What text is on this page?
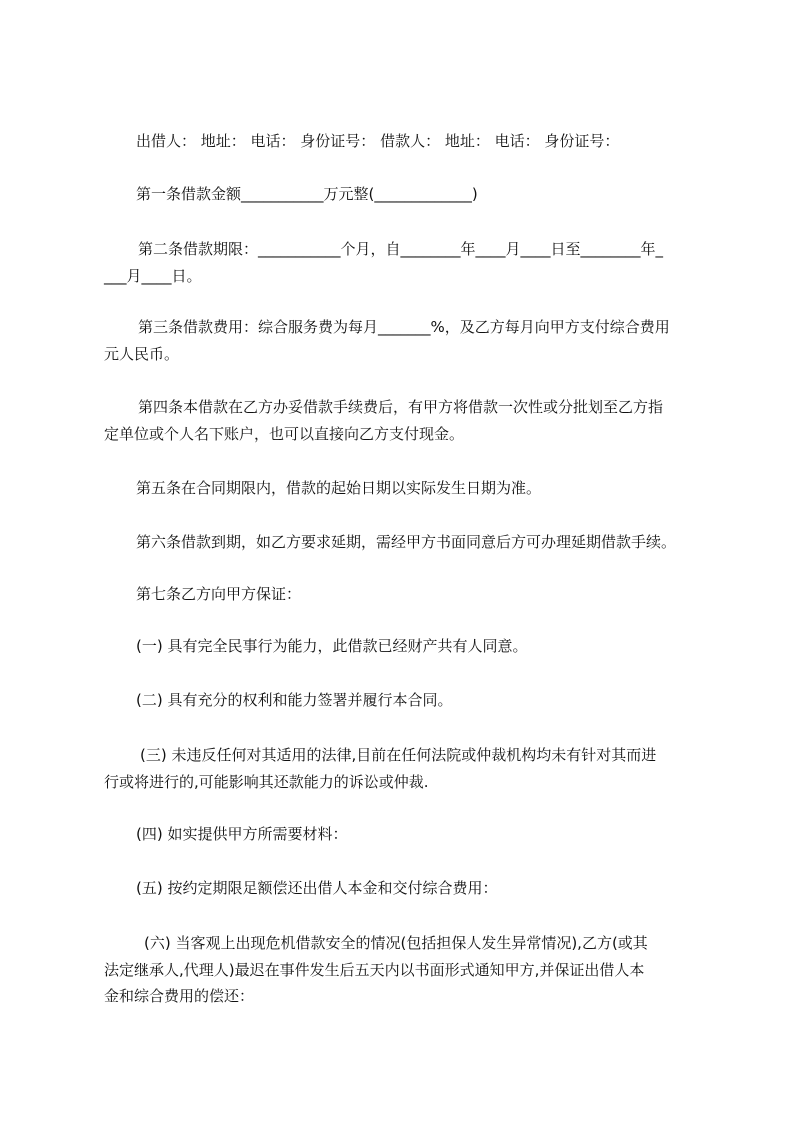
出借人： 地址： 电话： 身份证号： 借款人： 地址： 电话： 身份证号：
第一条借款金额___________万元整(_____________)
第二条借款期限：___________个月，自________年____月____日至________年_
___月____日。
第三条借款费用：综合服务费为每月_______%，及乙方每月向甲方支付综合费用
元人民币。
第四条本借款在乙方办妥借款手续费后，有甲方将借款一次性或分批划至乙方指
定单位或个人名下账户，也可以直接向乙方支付现金。
第五条在合同期限内，借款的起始日期以实际发生日期为准。
第六条借款到期，如乙方要求延期，需经甲方书面同意后方可办理延期借款手续。
第七条乙方向甲方保证：
(一) 具有完全民事行为能力，此借款已经财产共有人同意。
(二) 具有充分的权利和能力签署并履行本合同。
(三) 未违反任何对其适用的法律,目前在任何法院或仲裁机构均未有针对其而进
行或将进行的,可能影响其还款能力的诉讼或仲裁.
(四) 如实提供甲方所需要材料：
(五) 按约定期限足额偿还出借人本金和交付综合费用：
(六) 当客观上出现危机借款安全的情况(包括担保人发生异常情况),乙方(或其
法定继承人,代理人)最迟在事件发生后五天内以书面形式通知甲方,并保证出借人本
金和综合费用的偿还：
